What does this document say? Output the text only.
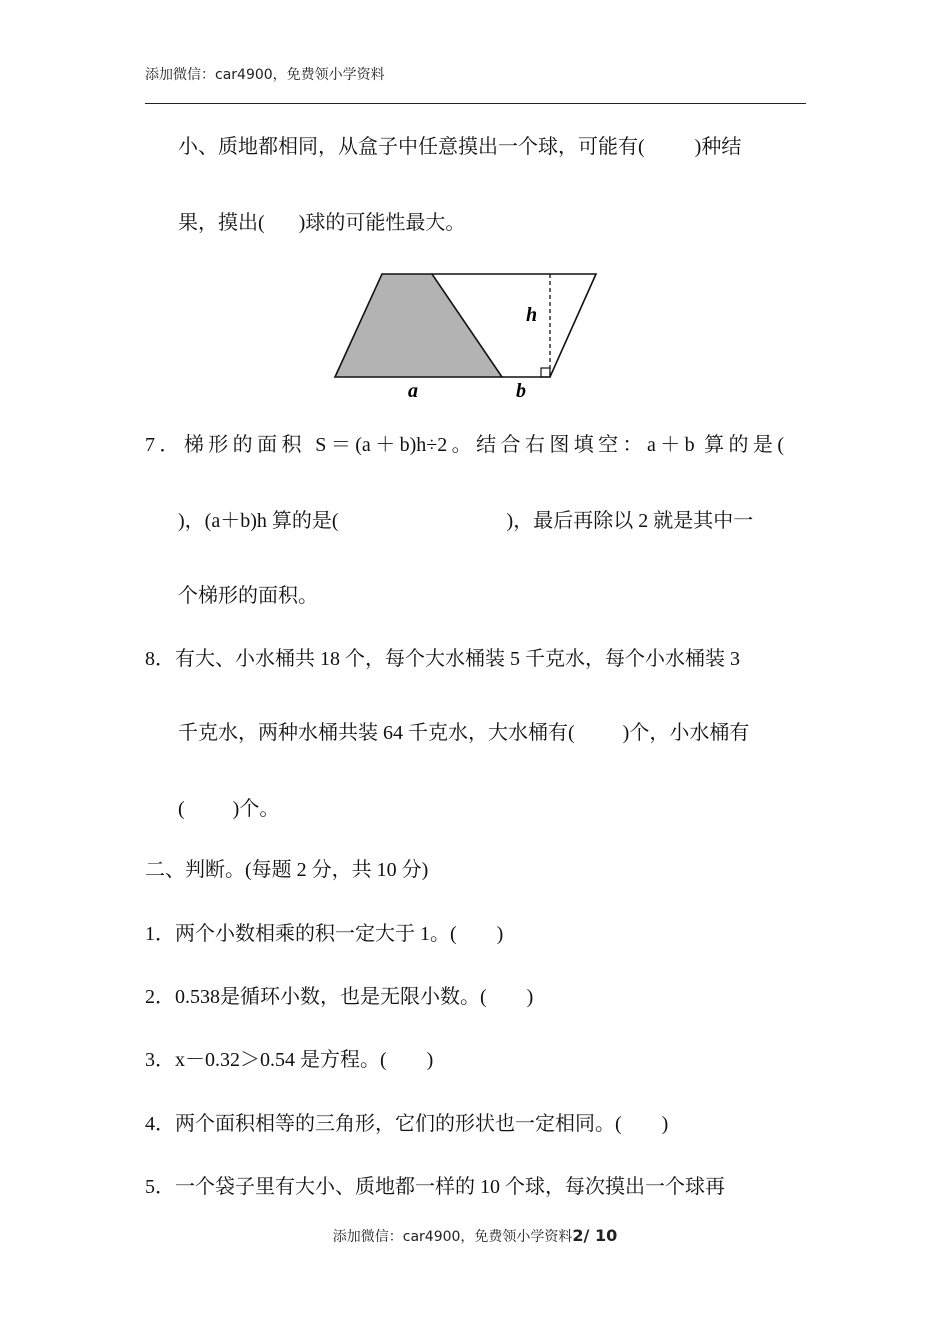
添加微信：car4900，免费领小学资料
小、质地都相同，从盒子中任意摸出一个球，可能有(	)种结
果，摸出( )球的可能性最大。
h
a	b
7．梯形的面积 S＝(a＋b)h÷2。结合右图填空：a＋b 算的是(
)，(a＋b)h 算的是(	)，最后再除以 2 就是其中一
个梯形的面积。
8．有大、小水桶共 18 个，每个大水桶装 5 千克水，每个小水桶装 3
千克水，两种水桶共装 64 千克水，大水桶有( )个，小水桶有
( )个。
二、判断。(每题 2 分，共 10 分)
1．两个小数相乘的积一定大于 1。( )
2．0.538是循环小数，也是无限小数。( )
3．x－0.32＞0.54 是方程。( )
4．两个面积相等的三角形，它们的形状也一定相同。( )
5．一个袋子里有大小、质地都一样的 10 个球，每次摸出一个球再
添加微信：car4900，免费领小学资料2/ 10
